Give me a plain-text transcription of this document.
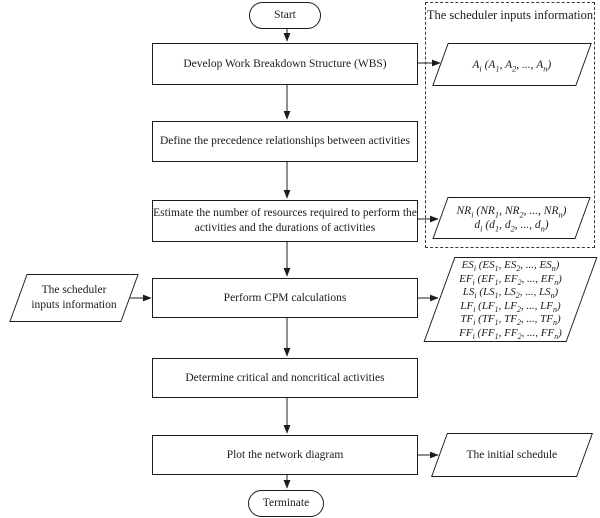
The scheduler inputs information
Start
Terminate
Develop Work Breakdown Structure (WBS)
Define the precedence relationships between activities
Estimate the number of resources required to perform the
activities and the durations of activities
Perform CPM calculations
Determine critical and noncritical activities
Plot the network diagram
$A_i$ ($A_1$, $A_2$, ..., $A_n$)
$NR_i$ ($NR_1$, $NR_2$, ..., $NR_n$)
$d_i$ ($d_1$, $d_2$, ..., $d_n$)
The scheduler
inputs information
$ES_i$ ($ES_1$, $ES_2$, ..., $ES_n$)
$EF_i$ ($EF_1$, $EF_2$, ..., $EF_n$)
$LS_i$ ($LS_1$, $LS_2$, ..., $LS_n$)
$LF_i$ ($LF_1$, $LF_2$, ..., $LF_n$)
$TF_i$ ($TF_1$, $TF_2$, ..., $TF_n$)
$FF_i$ ($FF_1$, $FF_2$, ..., $FF_n$)
The initial schedule
